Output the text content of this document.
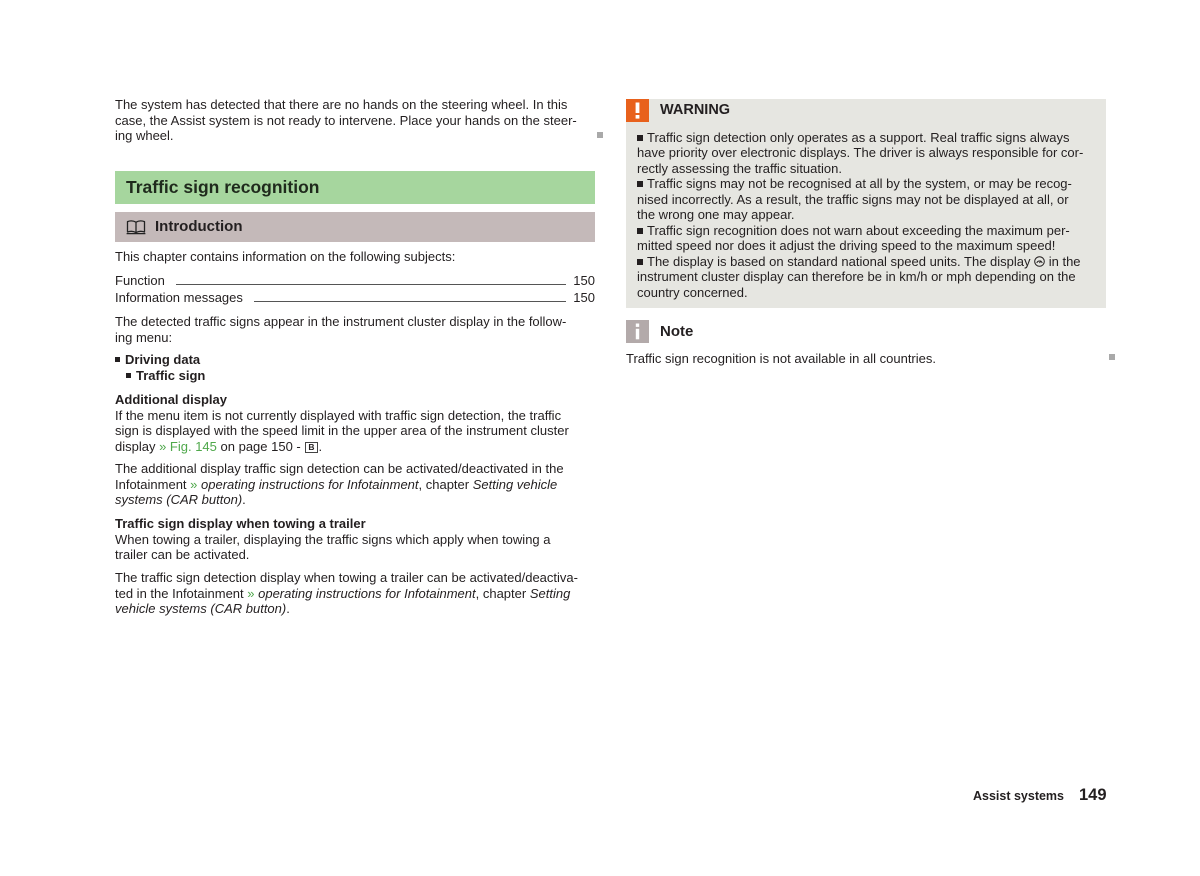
The system has detected that there are no hands on the steering wheel. In this
case, the Assist system is not ready to intervene. Place your hands on the steer-
ing wheel.
Traffic sign recognition
Introduction
This chapter contains information on the following subjects:
Function	150
Information messages	150
The detected traffic signs appear in the instrument cluster display in the follow-
ing menu:
Driving data
Traffic sign
Additional display
If the menu item is not currently displayed with traffic sign detection, the traffic
sign is displayed with the speed limit in the upper area of the instrument cluster
display » Fig. 145 on page 150 - B .
The additional display traffic sign detection can be activated/deactivated in the
Infotainment » operating instructions for Infotainment, chapter Setting vehicle
systems (CAR button).
Traffic sign display when towing a trailer
When towing a trailer, displaying the traffic signs which apply when towing a
trailer can be activated.
The traffic sign detection display when towing a trailer can be activated/deactiva-
ted in the Infotainment » operating instructions for Infotainment, chapter Setting
vehicle systems (CAR button).
WARNING
Traffic sign detection only operates as a support. Real traffic signs always
have priority over electronic displays. The driver is always responsible for cor-
rectly assessing the traffic situation.
Traffic signs may not be recognised at all by the system, or may be recog-
nised incorrectly. As a result, the traffic signs may not be displayed at all, or
the wrong one may appear.
Traffic sign recognition does not warn about exceeding the maximum per-
mitted speed nor does it adjust the driving speed to the maximum speed!
The display is based on standard national speed units. The display  in the
instrument cluster display can therefore be in km/h or mph depending on the
country concerned.
Note
Traffic sign recognition is not available in all countries.
Assist systems 149
